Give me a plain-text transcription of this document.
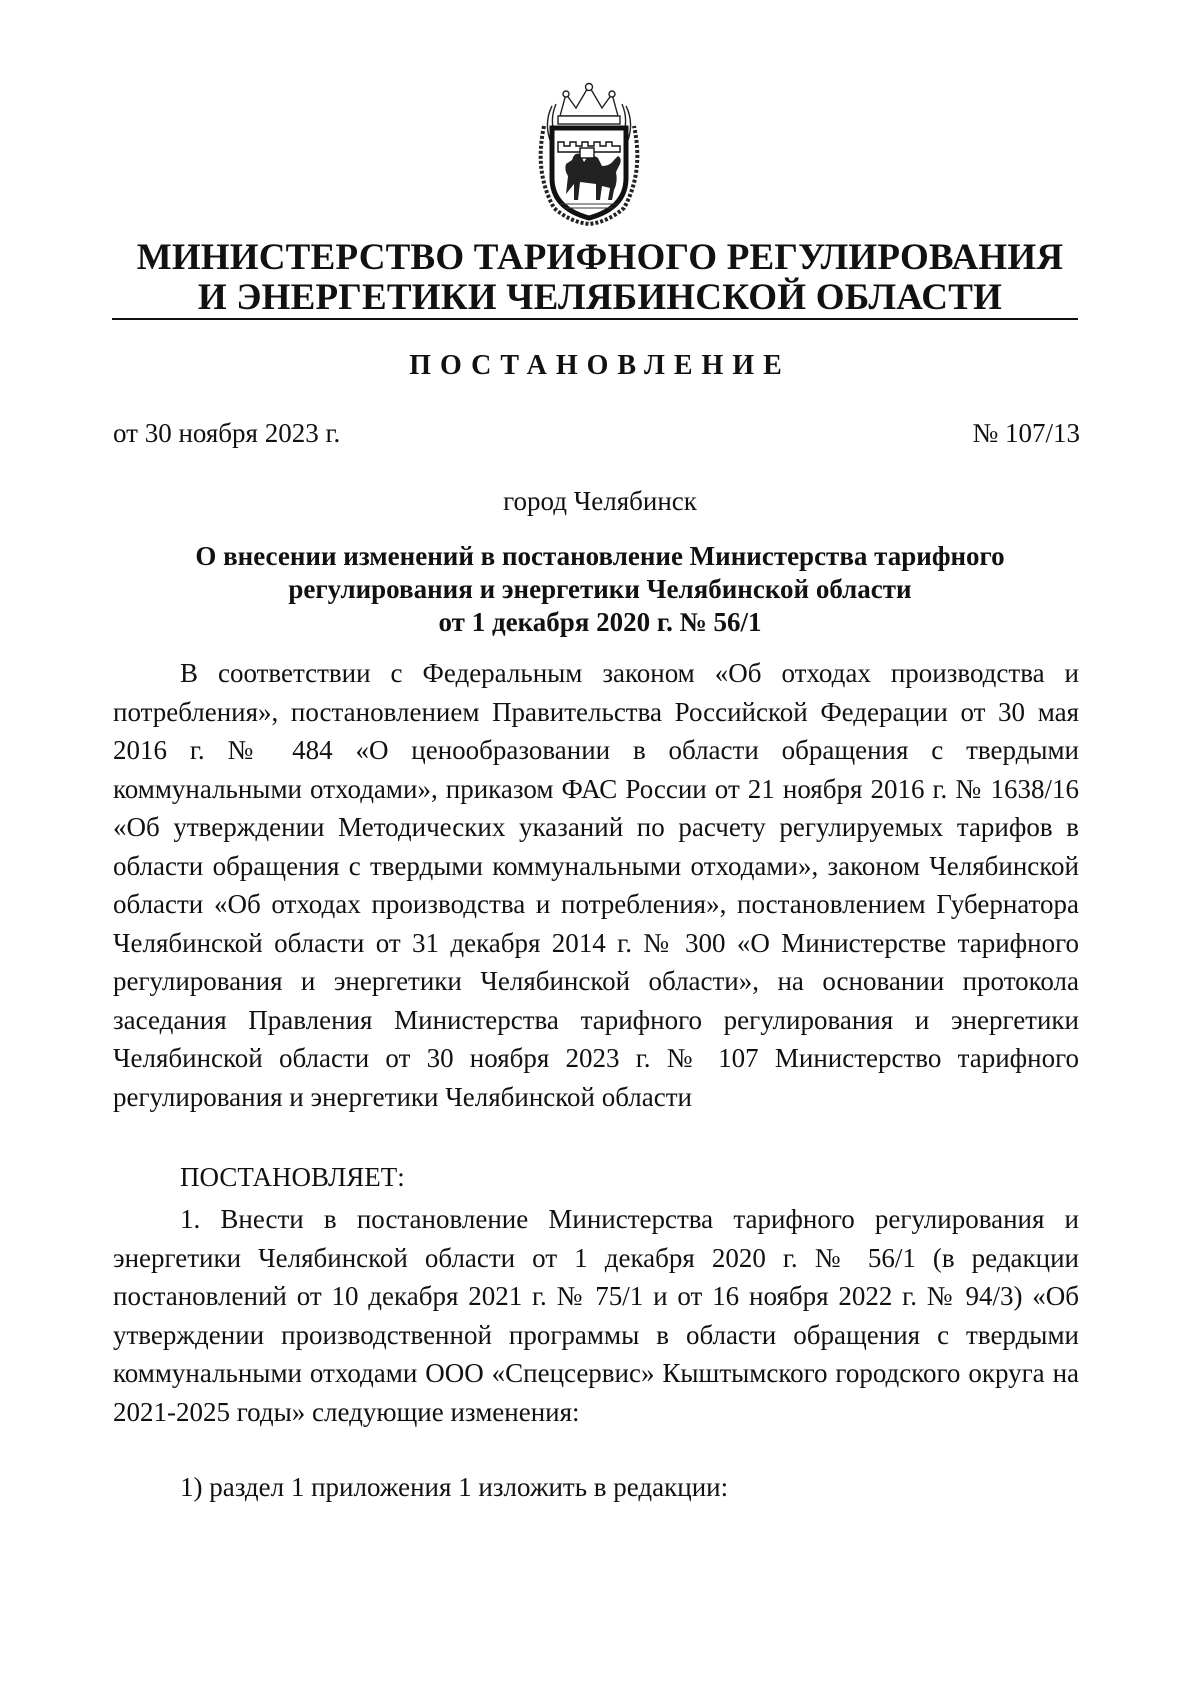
МИНИСТЕРСТВО ТАРИФНОГО РЕГУЛИРОВАНИЯ
И ЭНЕРГЕТИКИ ЧЕЛЯБИНСКОЙ ОБЛАСТИ
ПОСТАНОВЛЕНИЕ
от 30 ноября 2023 г.	№ 107/13
город Челябинск
О внесении изменений в постановление Министерства тарифного
регулирования и энергетики Челябинской области
от 1 декабря 2020 г. № 56/1

В соответствии с Федеральным законом «Об отходах производства и потребления», постановлением Правительства Российской Федерации от 30 мая 2016 г. № 484 «О ценообразовании в области обращения с твердыми коммунальными отходами», приказом ФАС России от 21 ноября 2016 г. № 1638/16 «Об утверждении Методических указаний по расчету регулируемых тарифов в области обращения с твердыми коммунальными отходами», законом Челябинской области «Об отходах производства и потребления», постановлением Губернатора Челябинской области от 31 декабря 2014 г. № 300 «О Министерстве тарифного регулирования и энергетики Челябинской области», на основании протокола заседания Правления Министерства тарифного регулирования и энергетики Челябинской области от 30 ноября 2023 г. № 107 Министерство тарифного регулирования и энергетики Челябинской области

ПОСТАНОВЛЯЕТ:

1. Внести в постановление Министерства тарифного регулирования и энергетики Челябинской области от 1 декабря 2020 г. № 56/1 (в редакции постановлений от 10 декабря 2021 г. № 75/1 и от 16 ноября 2022 г. № 94/3) «Об утверждении производственной программы в области обращения с твердыми коммунальными отходами ООО «Спецсервис» Кыштымского городского округа на 2021-2025 годы» следующие изменения:

1) раздел 1 приложения 1 изложить в редакции:
